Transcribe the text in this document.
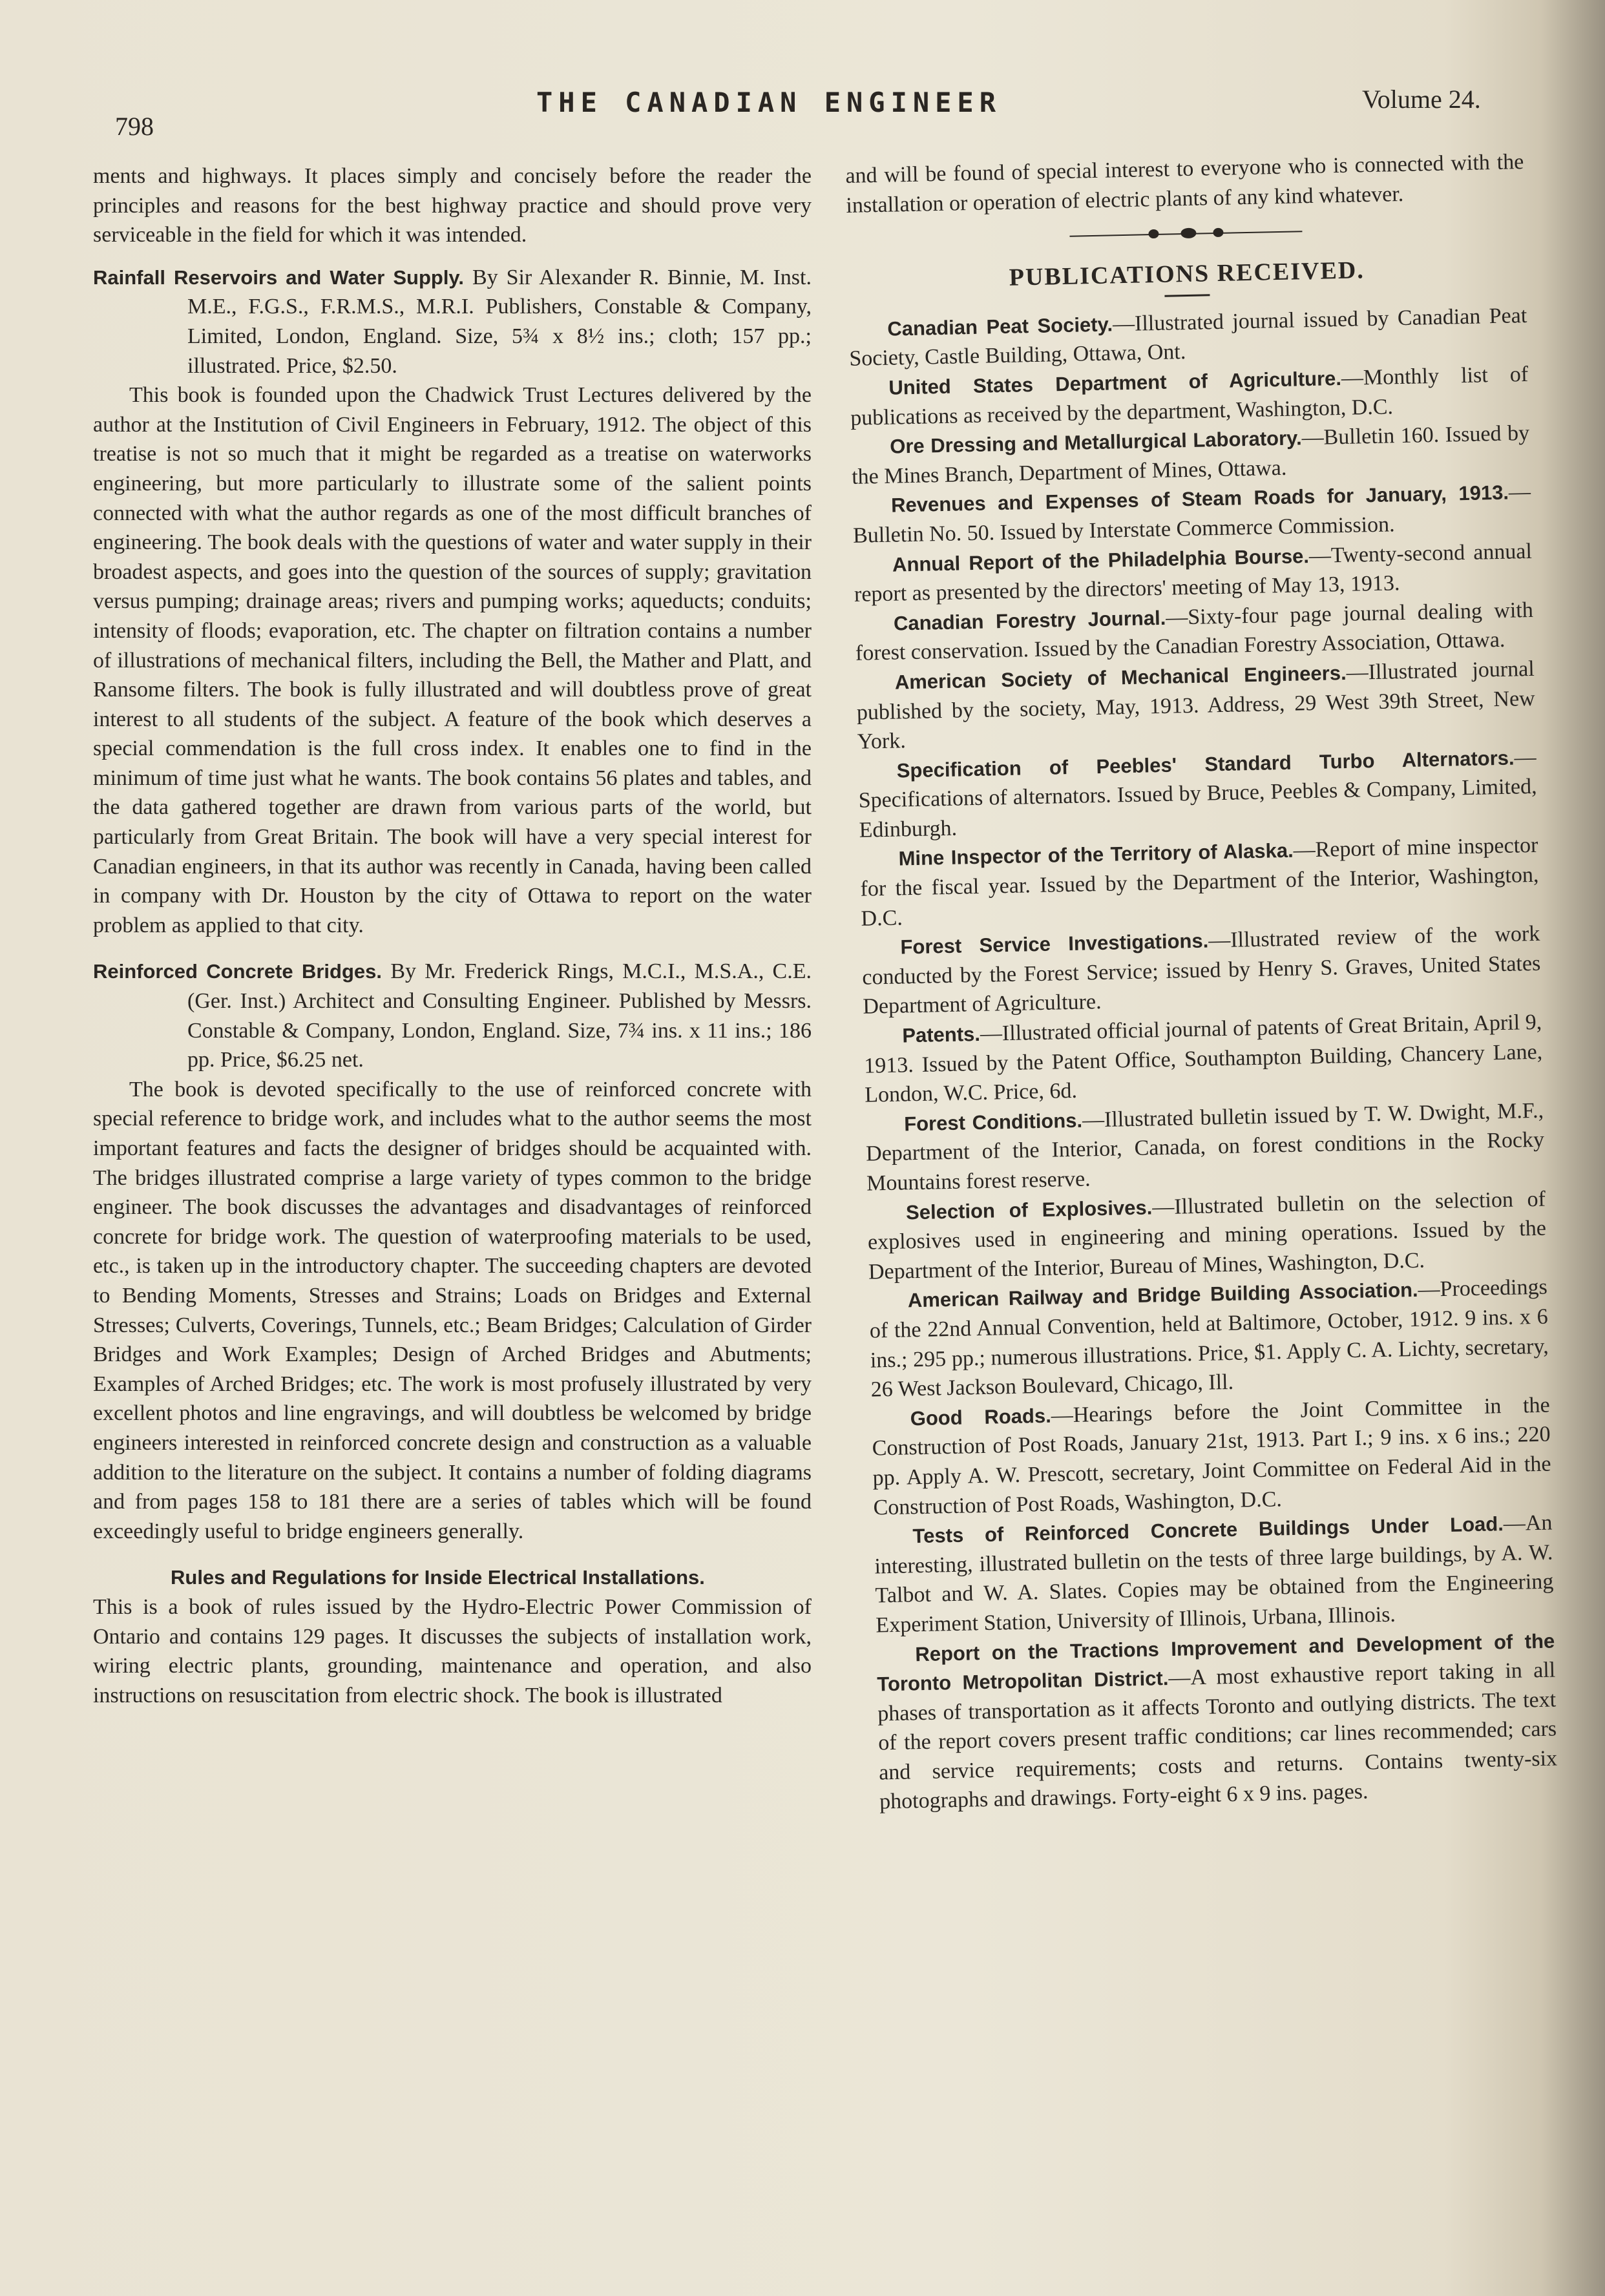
798
THE CANADIAN ENGINEER	Volume 24.

ments and highways. It places simply and concisely before the reader the principles and reasons for the best highway practice and should prove very serviceable in the field for which it was intended.

Rainfall Reservoirs and Water Supply. By Sir Alexander R. Binnie, M. Inst. M.E., F.G.S., F.R.M.S., M.R.I. Publishers, Constable & Company, Limited, London, England. Size, 5¾ x 8½ ins.; cloth; 157 pp.; illustrated. Price, $2.50.

This book is founded upon the Chadwick Trust Lectures delivered by the author at the Institution of Civil Engineers in February, 1912. The object of this treatise is not so much that it might be regarded as a treatise on waterworks engineering, but more particularly to illustrate some of the salient points connected with what the author regards as one of the most difficult branches of engineering. The book deals with the questions of water and water supply in their broadest aspects, and goes into the question of the sources of supply; gravitation versus pumping; drainage areas; rivers and pumping works; aqueducts; conduits; intensity of floods; evaporation, etc. The chapter on filtration contains a number of illustrations of mechanical filters, including the Bell, the Mather and Platt, and Ransome filters. The book is fully illustrated and will doubtless prove of great interest to all students of the subject. A feature of the book which deserves a special commendation is the full cross index. It enables one to find in the minimum of time just what he wants. The book contains 56 plates and tables, and the data gathered together are drawn from various parts of the world, but particularly from Great Britain. The book will have a very special interest for Canadian engineers, in that its author was recently in Canada, having been called in company with Dr. Houston by the city of Ottawa to report on the water problem as applied to that city.

Reinforced Concrete Bridges. By Mr. Frederick Rings, M.C.I., M.S.A., C.E. (Ger. Inst.) Architect and Consulting Engineer. Published by Messrs. Constable & Company, London, England. Size, 7¾ ins. x 11 ins.; 186 pp. Price, $6.25 net.

The book is devoted specifically to the use of reinforced concrete with special reference to bridge work, and includes what to the author seems the most important features and facts the designer of bridges should be acquainted with. The bridges illustrated comprise a large variety of types common to the bridge engineer. The book discusses the advantages and disadvantages of reinforced concrete for bridge work. The question of waterproofing materials to be used, etc., is taken up in the introductory chapter. The succeeding chapters are devoted to Bending Moments, Stresses and Strains; Loads on Bridges and External Stresses; Culverts, Coverings, Tunnels, etc.; Beam Bridges; Calculation of Girder Bridges and Work Examples; Design of Arched Bridges and Abutments; Examples of Arched Bridges; etc. The work is most profusely illustrated by very excellent photos and line engravings, and will doubtless be welcomed by bridge engineers interested in reinforced concrete design and construction as a valuable addition to the literature on the subject. It contains a number of folding diagrams and from pages 158 to 181 there are a series of tables which will be found exceedingly useful to bridge engineers generally.

Rules and Regulations for Inside Electrical Installations.

This is a book of rules issued by the Hydro-Electric Power Commission of Ontario and contains 129 pages. It discusses the subjects of installation work, wiring electric plants, grounding, maintenance and operation, and also instructions on resuscitation from electric shock. The book is illustrated

and will be found of special interest to everyone who is connected with the installation or operation of electric plants of any kind whatever.

PUBLICATIONS RECEIVED.

Canadian Peat Society.—Illustrated journal issued by Canadian Peat Society, Castle Building, Ottawa, Ont.

United States Department of Agriculture.—Monthly list of publications as received by the department, Washington, D.C.

Ore Dressing and Metallurgical Laboratory.—Bulletin 160. Issued by the Mines Branch, Department of Mines, Ottawa.

Revenues and Expenses of Steam Roads for January, 1913.—Bulletin No. 50. Issued by Interstate Commerce Commission.

Annual Report of the Philadelphia Bourse.—Twenty-second annual report as presented by the directors' meeting of May 13, 1913.

Canadian Forestry Journal.—Sixty-four page journal dealing with forest conservation. Issued by the Canadian Forestry Association, Ottawa.

American Society of Mechanical Engineers.—Illustrated journal published by the society, May, 1913. Address, 29 West 39th Street, New York.

Specification of Peebles' Standard Turbo Alternators.—Specifications of alternators. Issued by Bruce, Peebles & Company, Limited, Edinburgh.

Mine Inspector of the Territory of Alaska.—Report of mine inspector for the fiscal year. Issued by the Department of the Interior, Washington, D.C.

Forest Service Investigations.—Illustrated review of the work conducted by the Forest Service; issued by Henry S. Graves, United States Department of Agriculture.

Patents.—Illustrated official journal of patents of Great Britain, April 9, 1913. Issued by the Patent Office, Southampton Building, Chancery Lane, London, W.C. Price, 6d.

Forest Conditions.—Illustrated bulletin issued by T. W. Dwight, M.F., Department of the Interior, Canada, on forest conditions in the Rocky Mountains forest reserve.

Selection of Explosives.—Illustrated bulletin on the selection of explosives used in engineering and mining operations. Issued by the Department of the Interior, Bureau of Mines, Washington, D.C.

American Railway and Bridge Building Association.—Proceedings of the 22nd Annual Convention, held at Baltimore, October, 1912. 9 ins. x 6 ins.; 295 pp.; numerous illustrations. Price, $1. Apply C. A. Lichty, secretary, 26 West Jackson Boulevard, Chicago, Ill.

Good Roads.—Hearings before the Joint Committee in the Construction of Post Roads, January 21st, 1913. Part I.; 9 ins. x 6 ins.; 220 pp. Apply A. W. Prescott, secretary, Joint Committee on Federal Aid in the Construction of Post Roads, Washington, D.C.

Tests of Reinforced Concrete Buildings Under Load.—An interesting, illustrated bulletin on the tests of three large buildings, by A. W. Talbot and W. A. Slates. Copies may be obtained from the Engineering Experiment Station, University of Illinois, Urbana, Illinois.

Report on the Tractions Improvement and Development of the Toronto Metropolitan District.—A most exhaustive report taking in all phases of transportation as it affects Toronto and outlying districts. The text of the report covers present traffic conditions; car lines recommended; cars and service requirements; costs and returns. Contains twenty-six photographs and drawings. Forty-eight 6 x 9 ins. pages.
